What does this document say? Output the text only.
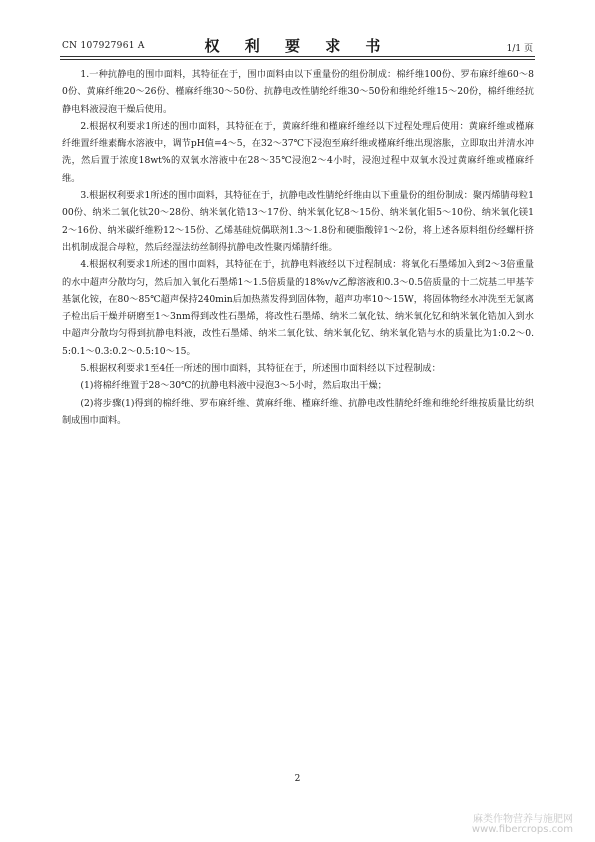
CN 107927961 A	权 利 要 求 书	1/1 页

1.一种抗静电的围巾面料，其特征在于，围巾面料由以下重量份的组份制成：棉纤维100份、罗布麻纤维60～80份、黄麻纤维20～26份、槿麻纤维30～50份、抗静电改性腈纶纤维30～50份和维纶纤维15～20份，棉纤维经抗静电料液浸泡干燥后使用。

2.根据权利要求1所述的围巾面料，其特征在于，黄麻纤维和槿麻纤维经以下过程处理后使用：黄麻纤维或槿麻纤维置纤维素酶水溶液中，调节pH值=4～5，在32～37℃下浸泡至麻纤维或槿麻纤维出现溶胀，立即取出并清水冲洗，然后置于浓度18wt%的双氧水溶液中在28～35℃浸泡2～4小时，浸泡过程中双氧水没过黄麻纤维或槿麻纤维。

3.根据权利要求1所述的围巾面料，其特征在于，抗静电改性腈纶纤维由以下重量份的组份制成：聚丙烯腈母粒100份、纳米二氧化钛20～28份、纳米氧化锆13～17份、纳米氧化钇8～15份、纳米氧化钼5～10份、纳米氧化镁12～16份、纳米碳纤维粉12～15份、乙烯基硅烷偶联剂1.3～1.8份和硬脂酸锌1～2份，将上述各原料组份经螺杆挤出机制成混合母粒，然后经湿法纺丝制得抗静电改性聚丙烯腈纤维。

4.根据权利要求1所述的围巾面料，其特征在于，抗静电料液经以下过程制成：将氧化石墨烯加入到2～3倍重量的水中超声分散均匀，然后加入氧化石墨烯1～1.5倍质量的18%v/v乙醇溶液和0.3～0.5倍质量的十二烷基二甲基苄基氯化铵，在80～85℃超声保持240min后加热蒸发得到固体物，超声功率10～15W，将固体物经水冲洗至无氯离子检出后干燥并研磨至1～3nm得到改性石墨烯，将改性石墨烯、纳米二氧化钛、纳米氧化钇和纳米氧化锆加入到水中超声分散均匀得到抗静电料液，改性石墨烯、纳米二氧化钛、纳米氧化钇、纳米氧化锆与水的质量比为1:0.2～0.5:0.1～0.3:0.2～0.5:10～15。

5.根据权利要求1至4任一所述的围巾面料，其特征在于，所述围巾面料经以下过程制成：

(1)将棉纤维置于28～30℃的抗静电料液中浸泡3～5小时，然后取出干燥；

(2)将步骤(1)得到的棉纤维、罗布麻纤维、黄麻纤维、槿麻纤维、抗静电改性腈纶纤维和维纶纤维按质量比纺织制成围巾面料。

2
麻类作物营养与施肥网
www.fibercrops.com
